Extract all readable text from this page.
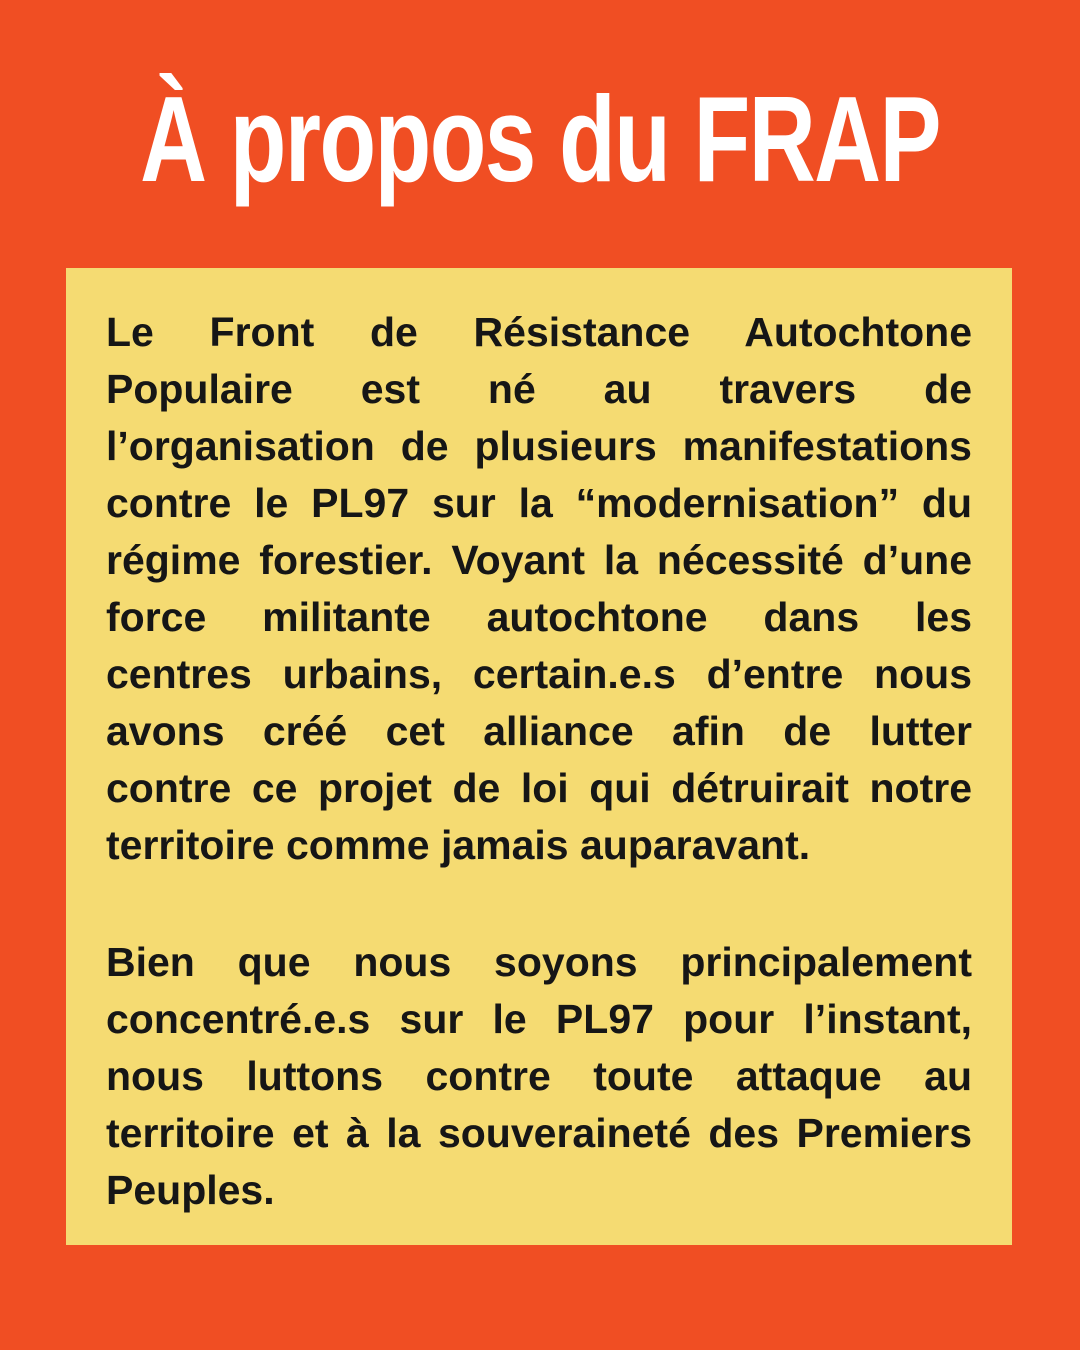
À propos du FRAP
Le Front de Résistance Autochtone
Populaire est né au travers de
l’organisation de plusieurs manifestations
contre le PL97 sur la “modernisation” du
régime forestier. Voyant la nécessité d’une
force militante autochtone dans les
centres urbains, certain.e.s d’entre nous
avons créé cet alliance afin de lutter
contre ce projet de loi qui détruirait notre
territoire comme jamais auparavant.
Bien que nous soyons principalement
concentré.e.s sur le PL97 pour l’instant,
nous luttons contre toute attaque au
territoire et à la souveraineté des Premiers
Peuples.
